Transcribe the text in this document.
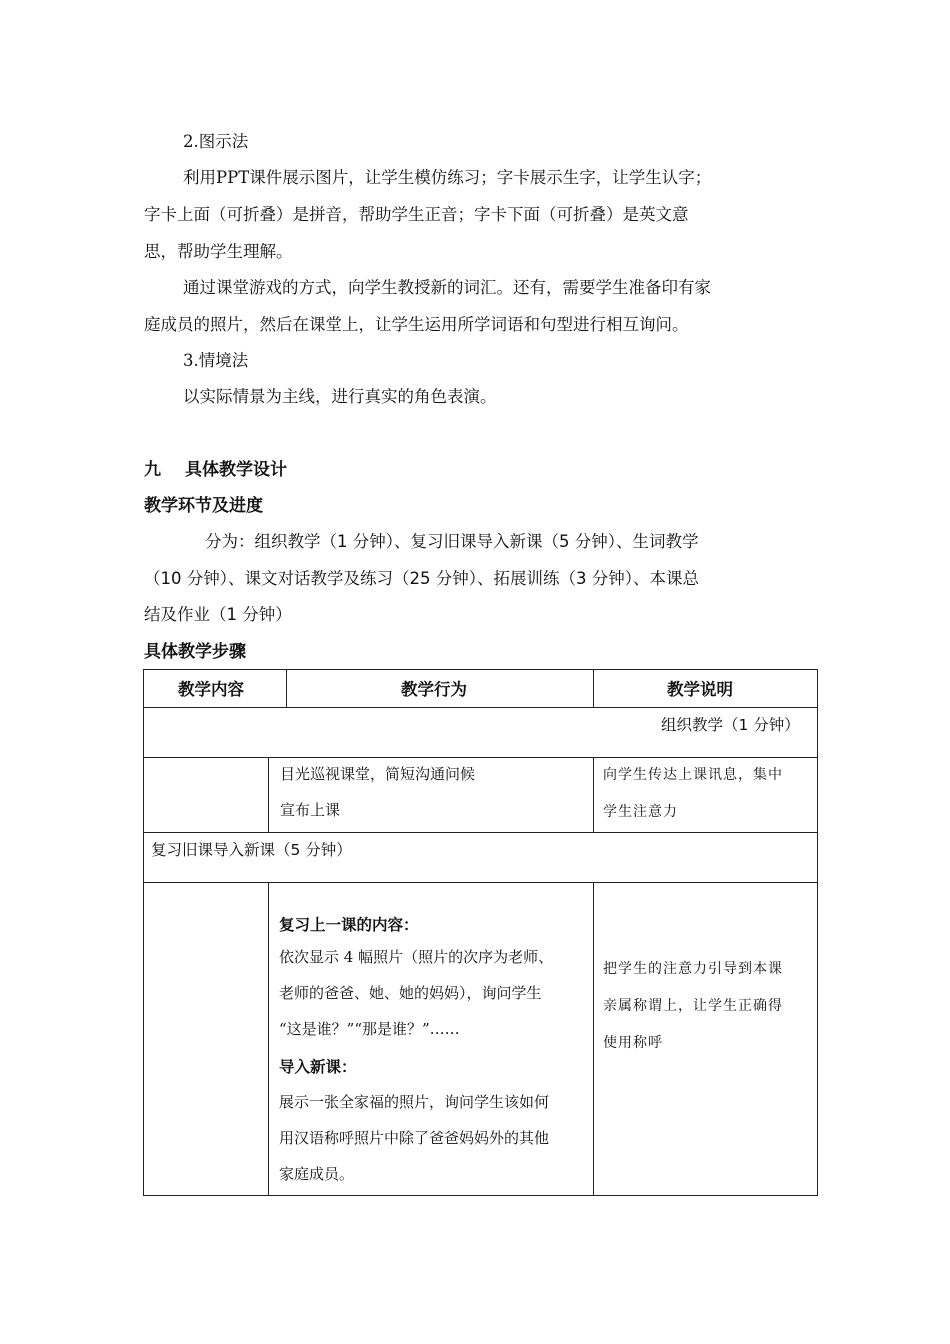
2.图示法
利用PPT课件展示图片，让学生模仿练习；字卡展示生字，让学生认字；
字卡上面（可折叠）是拼音，帮助学生正音；字卡下面（可折叠）是英文意
思，帮助学生理解。
通过课堂游戏的方式，向学生教授新的词汇。还有，需要学生准备印有家
庭成员的照片，然后在课堂上，让学生运用所学词语和句型进行相互询问。
3.情境法
以实际情景为主线，进行真实的角色表演。
九 具体教学设计
教学环节及进度
分为：组织教学（1 分钟）、复习旧课导入新课（5 分钟）、生词教学
（10 分钟）、课文对话教学及练习（25 分钟）、拓展训练（3 分钟）、本课总
结及作业（1 分钟）
具体教学步骤
教学内容	教学行为	教学说明
组织教学（1 分钟）
目光巡视课堂，简短沟通问候
宣布上课
向学生传达上课讯息，集中
学生注意力
复习旧课导入新课（5 分钟）
复习上一课的内容：
依次显示 4 幅照片（照片的次序为老师、
老师的爸爸、她、她的妈妈），询问学生
“这是谁？”“那是谁？”……
导入新课：
展示一张全家福的照片，询问学生该如何
用汉语称呼照片中除了爸爸妈妈外的其他
家庭成员。
把学生的注意力引导到本课
亲属称谓上，让学生正确得
使用称呼
